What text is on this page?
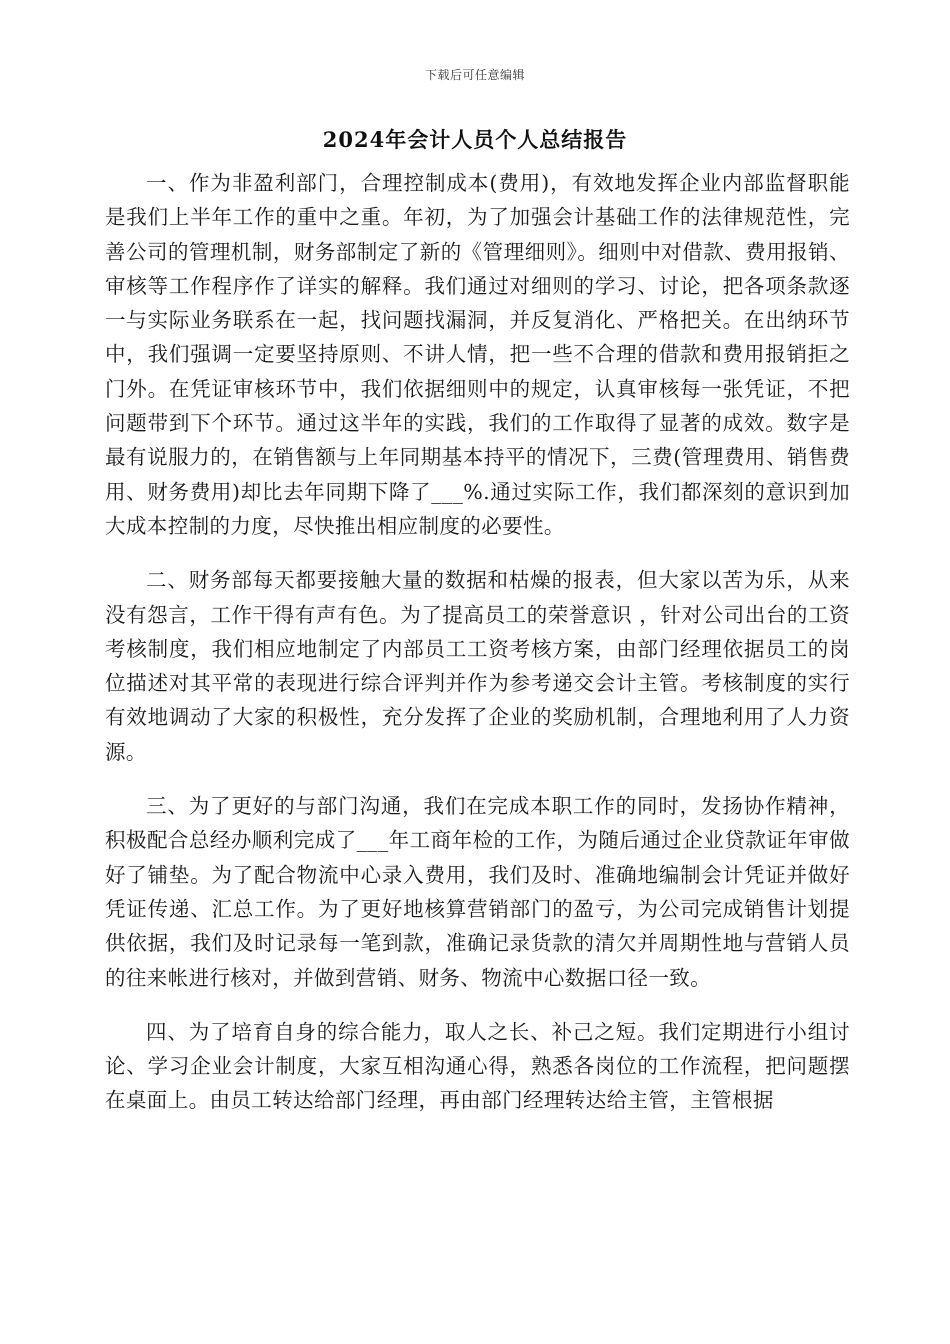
下载后可任意编辑
2024年会计人员个人总结报告

一、作为非盈利部门，合理控制成本(费用)，有效地发挥企业内部监督职能是我们上半年工作的重中之重。年初，为了加强会计基础工作的法律规范性，完善公司的管理机制，财务部制定了新的《管理细则》。细则中对借款、费用报销、审核等工作程序作了详实的解释。我们通过对细则的学习、讨论，把各项条款逐一与实际业务联系在一起，找问题找漏洞，并反复消化、严格把关。在出纳环节中，我们强调一定要坚持原则、不讲人情，把一些不合理的借款和费用报销拒之门外。在凭证审核环节中，我们依据细则中的规定，认真审核每一张凭证，不把问题带到下个环节。通过这半年的实践，我们的工作取得了显著的成效。数字是最有说服力的，在销售额与上年同期基本持平的情况下，三费(管理费用、销售费用、财务费用)却比去年同期下降了___%.通过实际工作，我们都深刻的意识到加大成本控制的力度，尽快推出相应制度的必要性。

二、财务部每天都要接触大量的数据和枯燥的报表，但大家以苦为乐，从来没有怨言，工作干得有声有色。为了提高员工的荣誉意识 ，针对公司出台的工资考核制度，我们相应地制定了内部员工工资考核方案，由部门经理依据员工的岗位描述对其平常的表现进行综合评判并作为参考递交会计主管。考核制度的实行有效地调动了大家的积极性，充分发挥了企业的奖励机制，合理地利用了人力资源。

三、为了更好的与部门沟通，我们在完成本职工作的同时，发扬协作精神，积极配合总经办顺利完成了___年工商年检的工作，为随后通过企业贷款证年审做好了铺垫。为了配合物流中心录入费用，我们及时、准确地编制会计凭证并做好凭证传递、汇总工作。为了更好地核算营销部门的盈亏，为公司完成销售计划提供依据，我们及时记录每一笔到款，准确记录货款的清欠并周期性地与营销人员的往来帐进行核对，并做到营销、财务、物流中心数据口径一致。

四、为了培育自身的综合能力，取人之长、补己之短。我们定期进行小组讨论、学习企业会计制度，大家互相沟通心得，熟悉各岗位的工作流程，把问题摆在桌面上。由员工转达给部门经理，再由部门经理转达给主管，主管根据
